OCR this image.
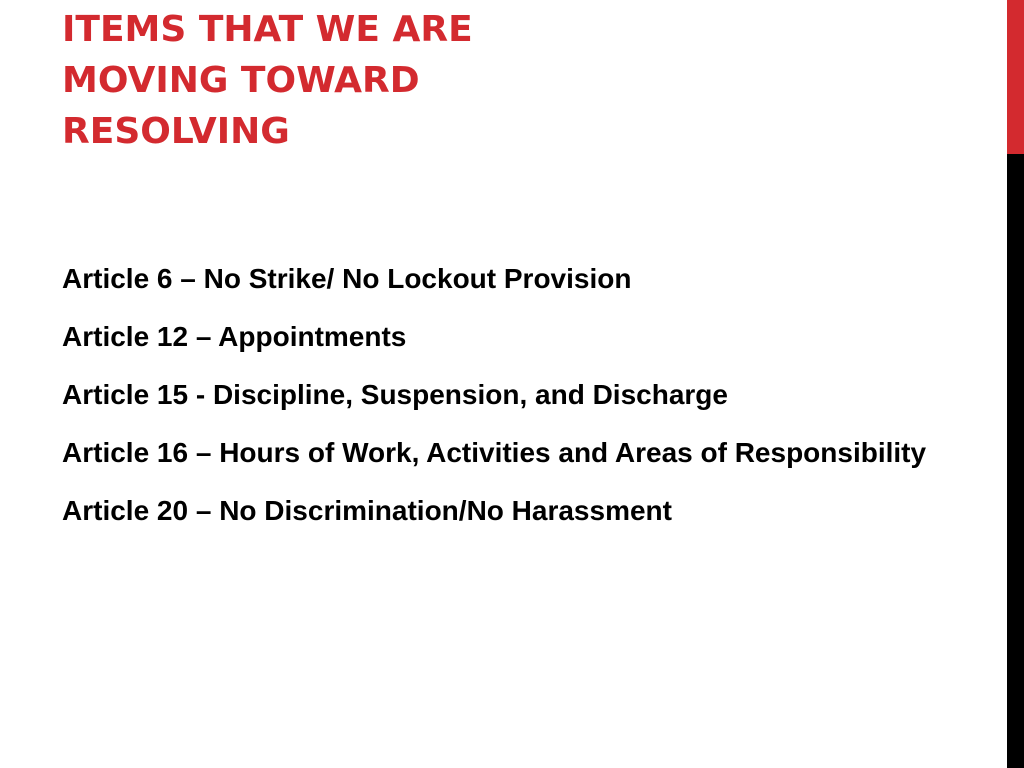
ITEMS THAT WE ARE
MOVING TOWARD
RESOLVING
Article 6 – No Strike/ No Lockout Provision
Article 12 – Appointments
Article 15 - Discipline, Suspension, and Discharge
Article 16 – Hours of Work, Activities and Areas of Responsibility
Article 20 – No Discrimination/No Harassment
